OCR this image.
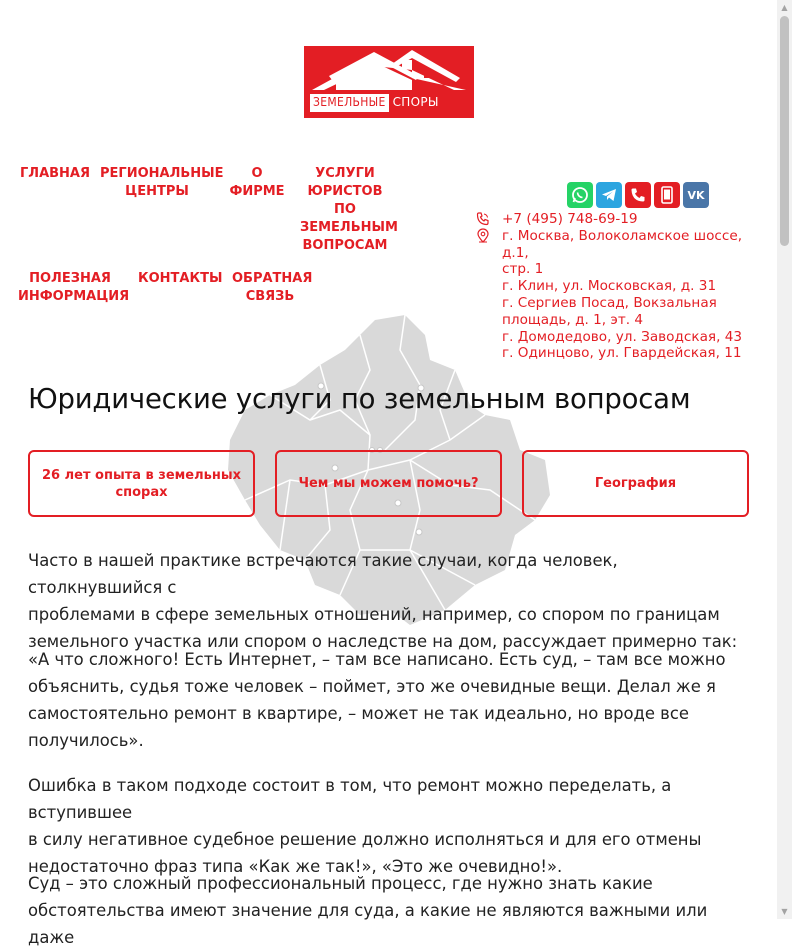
▲
▼
ЗЕМЕЛЬНЫЕ СПОРЫ
ГЛАВНАЯ РЕГИОНАЛЬНЫЕ
ЦЕНТРЫ
О
ФИРМЕ
УСЛУГИ
ЮРИСТОВ
ПО
ЗЕМЕЛЬНЫМ
ВОПРОСАМ
ПОЛЕЗНАЯ
ИНФОРМАЦИЯ
КОНТАКТЫ ОБРАТНАЯ
СВЯЗЬ
VK
+7 (495) 748-69-19
г. Москва, Волоколамское шоссе, д.1,
стр. 1
г. Клин, ул. Московская, д. 31
г. Сергиев Посад, Вокзальная
площадь, д. 1, эт. 4
г. Домодедово, ул. Заводская, 43
г. Одинцово, ул. Гвардейская, 11
Юридические услуги по земельным вопросам
26 лет опыта в земельных
спорах
Чем мы можем помочь?	География
Часто в нашей практике встречаются такие случаи, когда человек, столкнувшийся с
проблемами в сфере земельных отношений, например, со спором по границам
земельного участка или спором о наследстве на дом, рассуждает примерно так:
«А что сложного! Есть Интернет, – там все написано. Есть суд, – там все можно
объяснить, судья тоже человек – поймет, это же очевидные вещи. Делал же я
самостоятельно ремонт в квартире, – может не так идеально, но вроде все
получилось».
Ошибка в таком подходе состоит в том, что ремонт можно переделать, а вступившее
в силу негативное судебное решение должно исполняться и для его отмены
недостаточно фраз типа «Как же так!», «Это же очевидно!».
Суд – это сложный профессиональный процесс, где нужно знать какие
обстоятельства имеют значение для суда, а какие не являются важными или даже
